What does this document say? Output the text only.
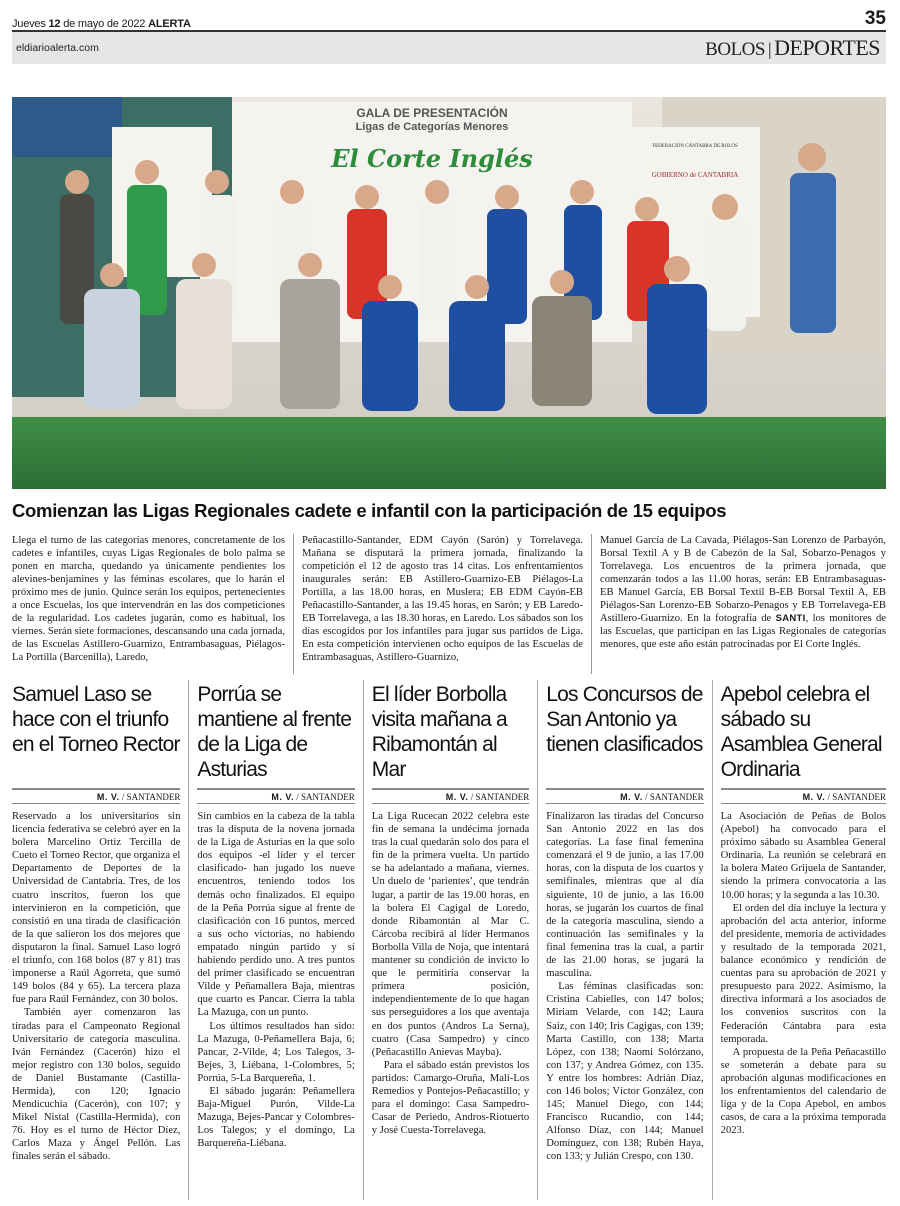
Jueves 12 de mayo de 2022 ALERTA	35
eldiarioalerta.com	BOLOS | DEPORTES
GALA DE PRESENTACIÓN
Ligas de Categorías Menores
El Corte Inglés	FEDERACIÓN CÁNTABRA DE BOLOS
GOBIERNO de CANTABRIA
Comienzan las Ligas Regionales cadete e infantil con la participación de 15 equipos
Llega el turno de las categorías menores, concretamente de los cadetes e infantiles, cuyas Ligas Regionales de bolo palma se ponen en marcha, quedando ya únicamente pendientes los alevines-benjamines y las féminas escolares, que lo harán el próximo mes de junio. Quince serán los equipos, pertenecientes a once Escuelas, los que intervendrán en las dos competiciones de la regularidad. Los cadetes jugarán, como es habitual, los viernes. Serán siete formaciones, descansando una cada jornada, de las Escuelas Astillero-Guarnizo, Entrambasaguas, Piélagos-La Portilla (Barcenilla), Laredo,
Peñacastillo-Santander, EDM Cayón (Sarón) y Torrelavega. Mañana se disputará la primera jornada, finalizando la competición el 12 de agosto tras 14 citas. Los enfrentamientos inaugurales serán: EB Astillero-Guarnizo-EB Piélagos-La Portilla, a las 18.00 horas, en Muslera; EB EDM Cayón-EB Peñacastillo-Santander, a las 19.45 horas, en Sarón; y EB Laredo-EB Torrelavega, a las 18.30 horas, en Laredo. Los sábados son los días escogidos por los infantiles para jugar sus partidos de Liga. En esta competición intervienen ocho equipos de las Escuelas de Entrambasaguas, Astillero-Guarnizo,
Manuel García de La Cavada, Piélagos-San Lorenzo de Parbayón, Borsal Textil A y B de Cabezón de la Sal, Sobarzo-Penagos y Torrelavega. Los encuentros de la primera jornada, que comenzarán todos a las 11.00 horas, serán: EB Entrambasaguas-EB Manuel García, EB Borsal Textil B-EB Borsal Textil A, EB Piélagos-San Lorenzo-EB Sobarzo-Penagos y EB Torrelavega-EB Astillero-Guarnizo. En la fotografía de SANTI, los monitores de las Escuelas, que participan en las Ligas Regionales de categorías menores, que este año están patrocinadas por El Corte Inglés.
Samuel Laso se hace con el triunfo en el Torneo Rector
M. V. / SANTANDER

Reservado a los universitarios sin licencia federativa se celebró ayer en la bolera Marcelino Ortiz Tercilla de Cueto el Torneo Rector, que organiza el Departamento de Deportes de la Universidad de Cantabria. Tres, de los cuatro inscritos, fueron los que intervinieron en la competición, que consistió en una tirada de clasificación de la que salieron los dos mejores que disputaron la final. Samuel Laso logró el triunfo, con 168 bolos (87 y 81) tras imponerse a Raúl Agorreta, que sumó 149 bolos (84 y 65). La tercera plaza fue para Raúl Fernández, con 30 bolos.

También ayer comenzaron las tiradas para el Campeonato Regional Universitario de categoría masculina. Iván Fernández (Cacerón) hizo el mejor registro con 130 bolos, seguido de Daniel Bustamante (Castilla-Hermida), con 120; Ignacio Mendicuchía (Cacerón), con 107; y Mikel Nistal (Castilla-Hermida), con 76. Hoy es el turno de Héctor Díez, Carlos Maza y Ángel Pellón. Las finales serán el sábado.

Porrúa se mantiene al frente de la Liga de Asturias
M. V. / SANTANDER

Sin cambios en la cabeza de la tabla tras la disputa de la novena jornada de la Liga de Asturias en la que solo dos equipos -el líder y el tercer clasificado- han jugado los nueve encuentros, teniendo todos los demás ocho finalizados. El equipo de la Peña Porrúa sigue al frente de clasificación con 16 puntos, merced a sus ocho victorias, no habiendo empatado ningún partido y sí habiendo perdido uno. A tres puntos del primer clasificado se encuentran Vilde y Peñamallera Baja, mientras que cuarto es Pancar. Cierra la tabla La Mazuga, con un punto.

Los últimos resultados han sido: La Mazuga, 0-Peñamellera Baja, 6; Pancar, 2-Vilde, 4; Los Talegos, 3-Bejes, 3, Liébana, 1-Colombres, 5; Porrúa, 5-La Barquereña, 1.

El sábado jugarán: Peñamellera Baja-Miguel Purón, Vilde-La Mazuga, Bejes-Pancar y Colombres-Los Talegos; y el domingo, La Barquereña-Liébana.

El líder Borbolla visita mañana a Ribamontán al Mar
M. V. / SANTANDER

La Liga Rucecan 2022 celebra este fin de semana la undécima jornada tras la cual quedarán solo dos para el fin de la primera vuelta. Un partido se ha adelantado a mañana, viernes. Un duelo de ‘parientes’, que tendrán lugar, a partir de las 19.00 horas, en la bolera El Cagigal de Loredo, donde Ribamontán al Mar C. Cárcoba recibirá al líder Hermanos Borbolla Villa de Noja, que intentará mantener su condición de invicto lo que le permitiría conservar la primera posición, independientemente de lo que hagan sus perseguidores a los que aventaja en dos puntos (Andros La Serna), cuatro (Casa Sampedro) y cinco (Peñacastillo Anievas Mayba).

Para el sábado están previstos los partidos: Camargo-Oruña, Mali-Los Remedios y Pontejos-Peñacastillo; y para el domingo: Casa Sampedro-Casar de Periedo, Andros-Riotuerto y José Cuesta-Torrelavega.

Los Concursos de San Antonio ya tienen clasificados
M. V. / SANTANDER

Finalizaron las tiradas del Concurso San Antonio 2022 en las dos categorías. La fase final femenina comenzará el 9 de junio, a las 17.00 horas, con la disputa de los cuartos y semifinales, mientras que al día siguiente, 10 de junio, a las 16.00 horas, se jugarán los cuartos de final de la categoría masculina, siendo a continuación las semifinales y la final femenina tras la cual, a partir de las 21.00 horas, se jugará la masculina.

Las féminas clasificadas son: Cristina Cabielles, con 147 bolos; Miriam Velarde, con 142; Laura Saiz, con 140; Iris Cagigas, con 139; Marta Castillo, con 138; Marta López, con 138; Naomi Solórzano, con 137; y Andrea Gómez, con 135. Y entre los hombres: Adrián Díaz, con 146 bolos; Víctor González, con 145; Manuel Diego, con 144; Francisco Rucandio, con 144; Alfonso Díaz, con 144; Manuel Domínguez, con 138; Rubén Haya, con 133; y Julián Crespo, con 130.

Apebol celebra el sábado su Asamblea General Ordinaria
M. V. / SANTANDER

La Asociación de Peñas de Bolos (Apebol) ha convocado para el próximo sábado su Asamblea General Ordinaria. La reunión se celebrará en la bolera Mateo Grijuela de Santander, siendo la primera convocatoria a las 10.00 horas; y la segunda a las 10.30.

El orden del día incluye la lectura y aprobación del acta anterior, informe del presidente, memoria de actividades y resultado de la temporada 2021, balance económico y rendición de cuentas para su aprobación de 2021 y presupuesto para 2022. Asimismo, la directiva informará a los asociados de los convenios suscritos con la Federación Cántabra para esta temporada.

A propuesta de la Peña Peñacastillo se someterán a debate para su aprobación algunas modificaciones en los enfrentamientos del calendario de liga y de la Copa Apebol, en ambos casos, de cara a la próxima temporada 2023.
